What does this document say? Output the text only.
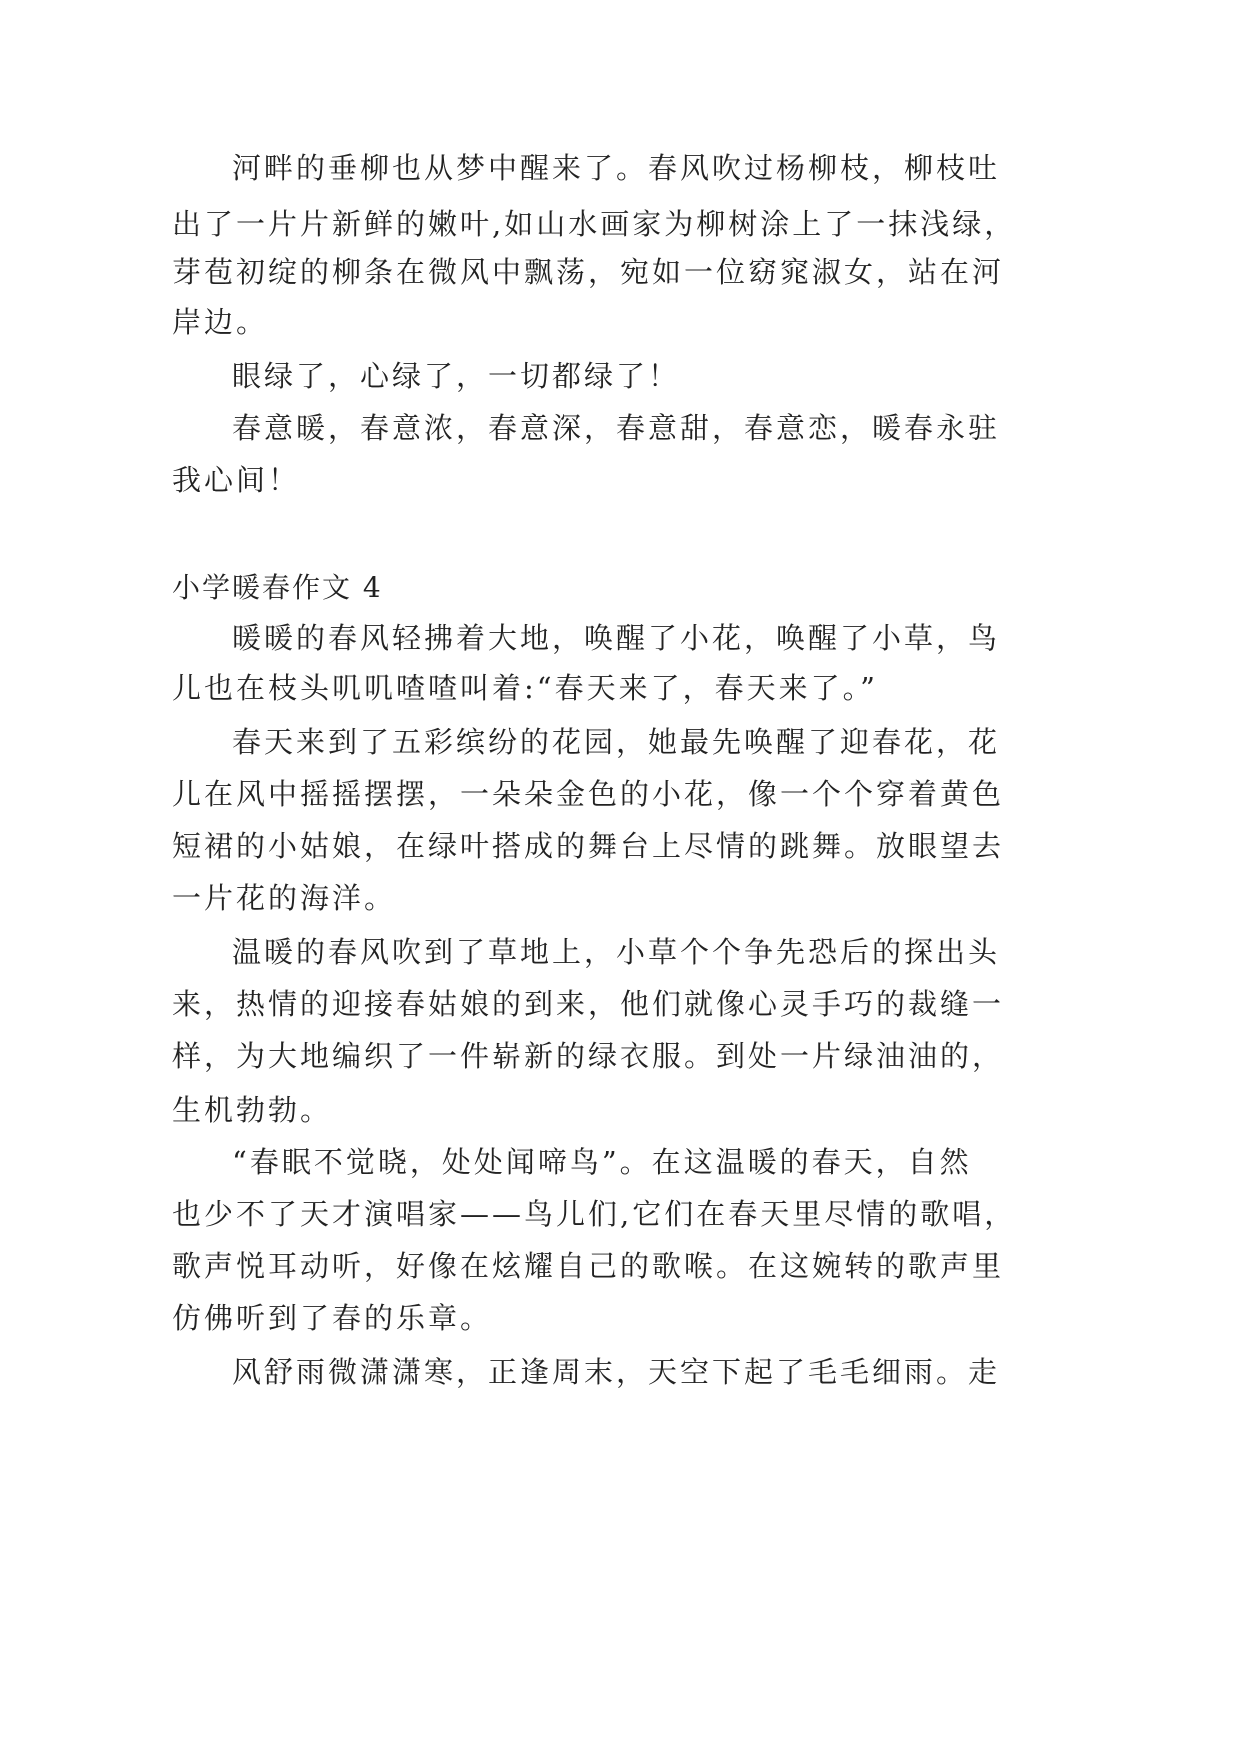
河畔的垂柳也从梦中醒来了。春风吹过杨柳枝，柳枝吐
出了一片片新鲜的嫩叶,如山水画家为柳树涂上了一抹浅绿，
芽苞初绽的柳条在微风中飘荡，宛如一位窈窕淑女，站在河
岸边。
眼绿了，心绿了，一切都绿了！
春意暖，春意浓，春意深，春意甜，春意恋，暖春永驻
我心间！
小学暖春作文 4
暖暖的春风轻拂着大地，唤醒了小花，唤醒了小草，鸟
儿也在枝头叽叽喳喳叫着:“春天来了，春天来了。”
春天来到了五彩缤纷的花园，她最先唤醒了迎春花，花
儿在风中摇摇摆摆，一朵朵金色的小花，像一个个穿着黄色
短裙的小姑娘，在绿叶搭成的舞台上尽情的跳舞。放眼望去
一片花的海洋。
温暖的春风吹到了草地上，小草个个争先恐后的探出头
来，热情的迎接春姑娘的到来，他们就像心灵手巧的裁缝一
样，为大地编织了一件崭新的绿衣服。到处一片绿油油的，
生机勃勃。
“春眠不觉晓，处处闻啼鸟”。在这温暖的春天，自然
也少不了天才演唱家——鸟儿们,它们在春天里尽情的歌唱，
歌声悦耳动听，好像在炫耀自己的歌喉。在这婉转的歌声里
仿佛听到了春的乐章。
风舒雨微潇潇寒，正逢周末，天空下起了毛毛细雨。走
